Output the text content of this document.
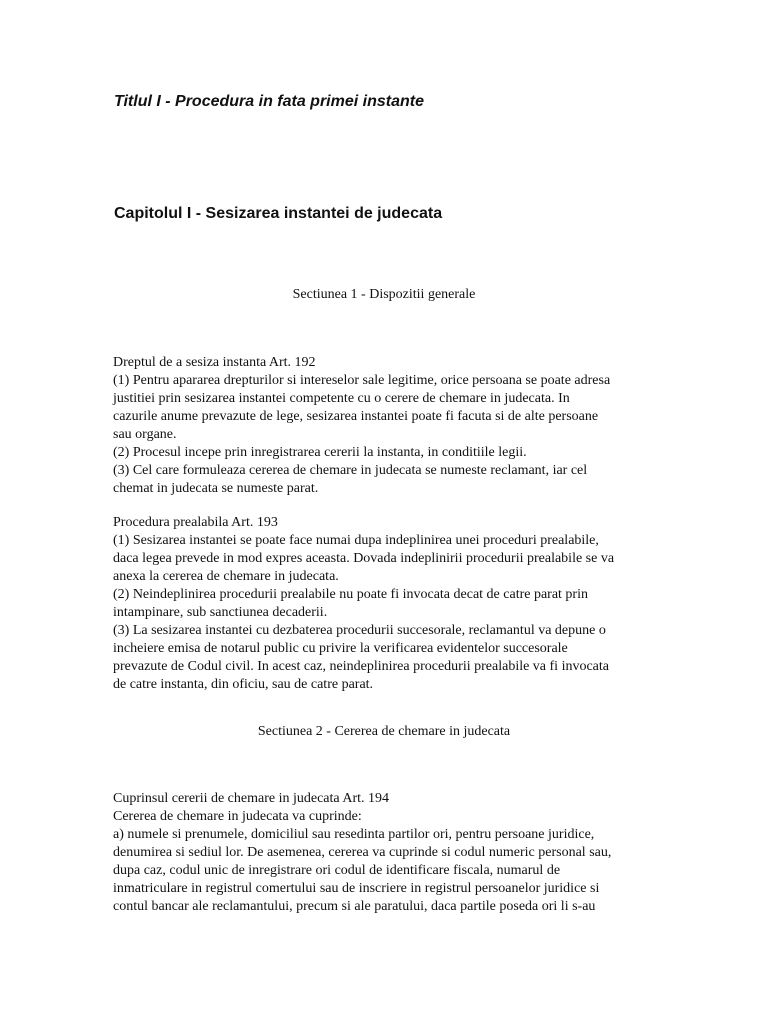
Titlul I - Procedura in fata primei instante
Capitolul I - Sesizarea instantei de judecata
Sectiunea 1 - Dispozitii generale
Dreptul de a sesiza instanta Art. 192
(1) Pentru apararea drepturilor si intereselor sale legitime, orice persoana se poate adresa
justitiei prin sesizarea instantei competente cu o cerere de chemare in judecata. In
cazurile anume prevazute de lege, sesizarea instantei poate fi facuta si de alte persoane
sau organe.
(2) Procesul incepe prin inregistrarea cererii la instanta, in conditiile legii.
(3) Cel care formuleaza cererea de chemare in judecata se numeste reclamant, iar cel
chemat in judecata se numeste parat.
Procedura prealabila Art. 193
(1) Sesizarea instantei se poate face numai dupa indeplinirea unei proceduri prealabile,
daca legea prevede in mod expres aceasta. Dovada indeplinirii procedurii prealabile se va
anexa la cererea de chemare in judecata.
(2) Neindeplinirea procedurii prealabile nu poate fi invocata decat de catre parat prin
intampinare, sub sanctiunea decaderii.
(3) La sesizarea instantei cu dezbaterea procedurii succesorale, reclamantul va depune o
incheiere emisa de notarul public cu privire la verificarea evidentelor succesorale
prevazute de Codul civil. In acest caz, neindeplinirea procedurii prealabile va fi invocata
de catre instanta, din oficiu, sau de catre parat.
Sectiunea 2 - Cererea de chemare in judecata
Cuprinsul cererii de chemare in judecata Art. 194
Cererea de chemare in judecata va cuprinde:
a) numele si prenumele, domiciliul sau resedinta partilor ori, pentru persoane juridice,
denumirea si sediul lor. De asemenea, cererea va cuprinde si codul numeric personal sau,
dupa caz, codul unic de inregistrare ori codul de identificare fiscala, numarul de
inmatriculare in registrul comertului sau de inscriere in registrul persoanelor juridice si
contul bancar ale reclamantului, precum si ale paratului, daca partile poseda ori li s-au
